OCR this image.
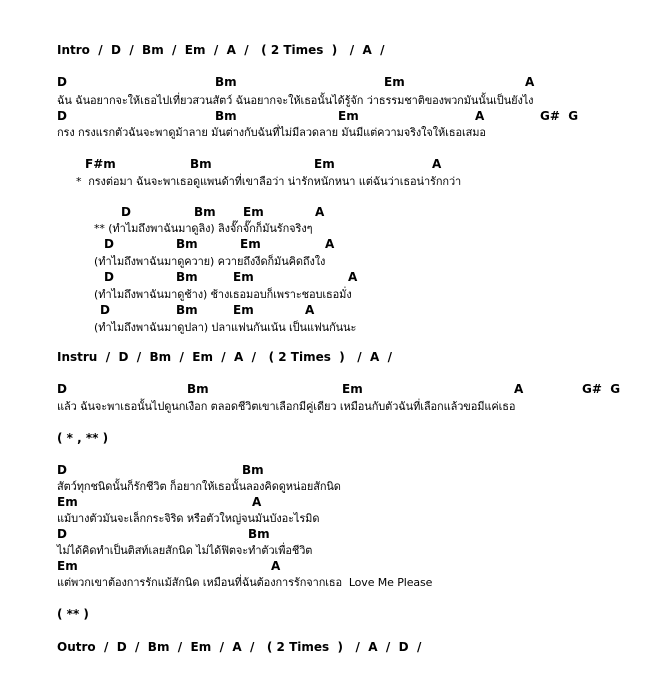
Intro  /  D  /  Bm  /  Em  /  A  /   ( 2 Times  )   /  A  /
D	Bm	Em	A
ฉัน ฉันอยากจะให้เธอไปเที่ยวสวนสัตว์ ฉันอยากจะให้เธอนั้นได้รู้จัก ว่าธรรมชาติของพวกมันนั้นเป็นยังไง
D	Bm	Em	A	G#  G
กรง กรงแรกตัวฉันจะพาดูม้าลาย มันต่างกับฉันที่ไม่มีลวดลาย มันมีแต่ความจริงใจให้เธอเสมอ
F#m	Bm	Em	A
*  กรงต่อมา ฉันจะพาเธอดูแพนด้าที่เขาลือว่า น่ารักหนักหนา แต่ฉันว่าเธอน่ารักกว่า
D	Bm Em	A
** (ทำไมถึงพาฉันมาดูลิง) ลิงจั๊กจั๊กก็มันรักจริงๆ
D	Bm	Em	A
(ทำไมถึงพาฉันมาดูควาย) ควายถึงงีดก็มันคิดถึงใง
D	Bm	Em	A
(ทำไมถึงพาฉันมาดูช้าง) ช้างเธอมอบก็เพราะชอบเธอมั่ง
D	Bm	Em	A
(ทำไมถึงพาฉันมาดูปลา) ปลาแฟนกันเน้น เป็นแฟนกันนะ
Instru  /  D  /  Bm  /  Em  /  A  /   ( 2 Times  )   /  A  /
D	Bm	Em	A	G#  G
แล้ว ฉันจะพาเธอนั้นไปดูนกเงือก ตลอดชีวิตเขาเลือกมีคู่เดียว เหมือนกับตัวฉันที่เลือกแล้วขอมีแค่เธอ
( * , ** )
D	Bm
สัตว์ทุกชนิดนั้นก็รักชีวิต ก็อยากให้เธอนั้นลองคิดดูหน่อยสักนิด
Em	A
แม้บางตัวมันจะเล็กกระจิริด หรือตัวใหญ่จนมันบังอะไรมิด
D	Bm
ไม่ได้คิดทำเป็นติสท์เลยสักนิด ไม่ได้ฟิตจะทำตัวเพื่อชีวิต
Em	A
แต่พวกเขาต้องการรักแม้สักนิด เหมือนที่ฉันต้องการรักจากเธอ  Love Me Please
( ** )
Outro  /  D  /  Bm  /  Em  /  A  /   ( 2 Times  )   /  A  /  D  /
